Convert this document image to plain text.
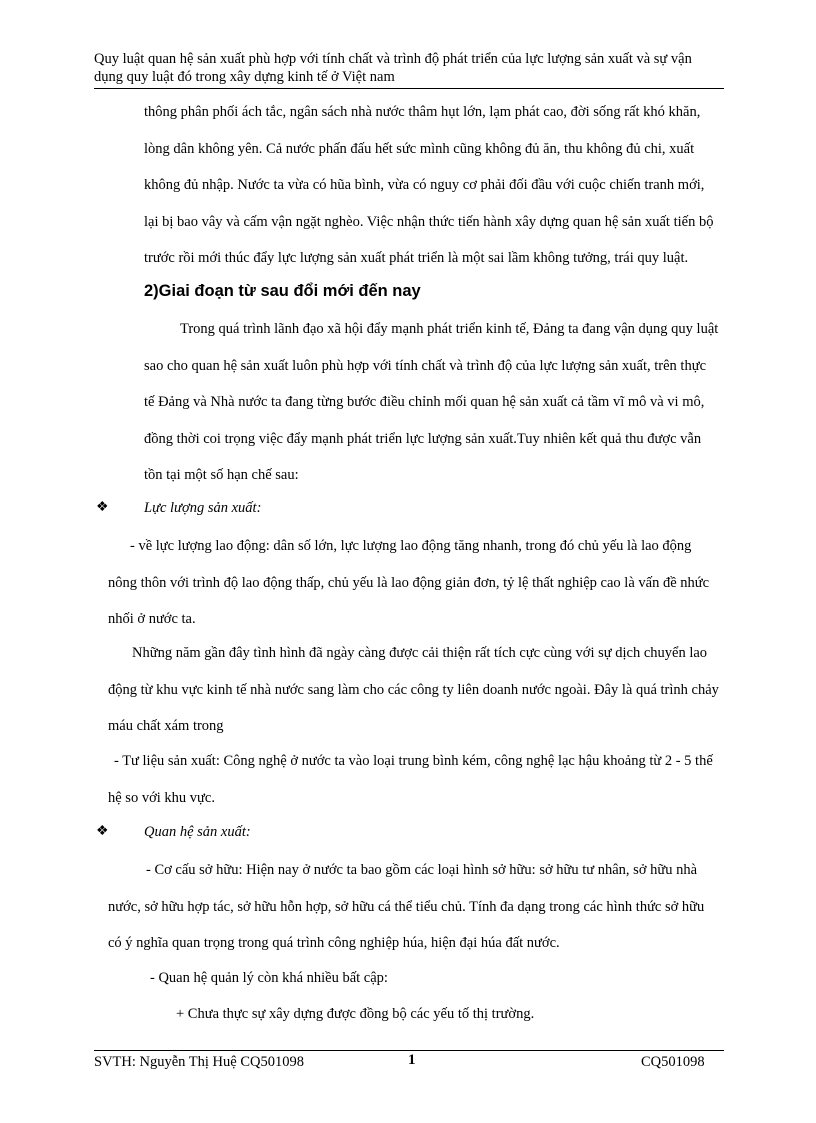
Quy luật quan hệ sản xuất phù hợp với tính chất và trình độ phát triển của lực lượng sản xuất và sự vận dụng quy luật đó trong xây dựng kinh tế ở Việt nam

thông phân phối ách tắc, ngân sách nhà nước thâm hụt lớn, lạm phát cao, đời sống rất khó khăn, lòng dân không yên. Cả nước phấn đấu hết sức mình cũng không đủ ăn, thu không đủ chi, xuất không đủ nhập. Nước ta vừa có hũa bình, vừa có nguy cơ phải đối đầu với cuộc chiến tranh mới, lại bị bao vây và cấm vận ngặt nghèo. Việc nhận thức tiến hành xây dựng quan hệ sản xuất tiến bộ trước rồi mới thúc đẩy lực lượng sản xuất phát triển là một sai lầm không tưởng, trái quy luật.

2)Giai đoạn từ sau đổi mới đến nay

Trong quá trình lãnh đạo xã hội đẩy mạnh phát triển kinh tế, Đảng ta đang vận dụng quy luật sao cho quan hệ sản xuất luôn phù hợp với tính chất và trình độ của lực lượng sản xuất, trên thực tế Đảng và Nhà nước ta đang từng bước điều chỉnh mối quan hệ sản xuất cả tầm vĩ mô và vi mô, đồng thời coi trọng việc đẩy mạnh phát triển lực lượng sản xuất.Tuy nhiên kết quả thu được vẫn tồn tại một số hạn chế sau:

❖ Lực lượng sản xuất:

- về lực lượng lao động: dân số lớn, lực lượng lao động tăng nhanh, trong đó chủ yếu là lao động nông thôn với trình độ lao động thấp, chủ yếu là lao động giản đơn, tỷ lệ thất nghiệp cao là vấn đề nhức nhối ở nước ta.

Những năm gần đây tình hình đã ngày càng được cải thiện rất tích cực cùng với sự dịch chuyển lao động từ khu vực kinh tế nhà nước sang làm cho các công ty liên doanh nước ngoài. Đây là quá trình chảy máu chất xám trong

- Tư liệu sản xuất: Công nghệ ở nước ta vào loại trung bình kém, công nghệ lạc hậu khoảng từ 2 - 5 thế hệ so với khu vực.

❖ Quan hệ sản xuất:

- Cơ cấu sở hữu: Hiện nay ở nước ta bao gồm các loại hình sở hữu: sở hữu tư nhân, sở hữu nhà nước, sở hữu hợp tác, sở hữu hỗn hợp, sở hữu cá thể tiểu chủ. Tính đa dạng trong các hình thức sở hữu có ý nghĩa quan trọng trong quá trình công nghiệp húa, hiện đại húa đất nước.

- Quan hệ quản lý còn khá nhiều bất cập:

+ Chưa thực sự xây dựng được đồng bộ các yếu tố thị trường.

SVTH: Nguyễn Thị Huệ CQ501098	1	CQ501098
